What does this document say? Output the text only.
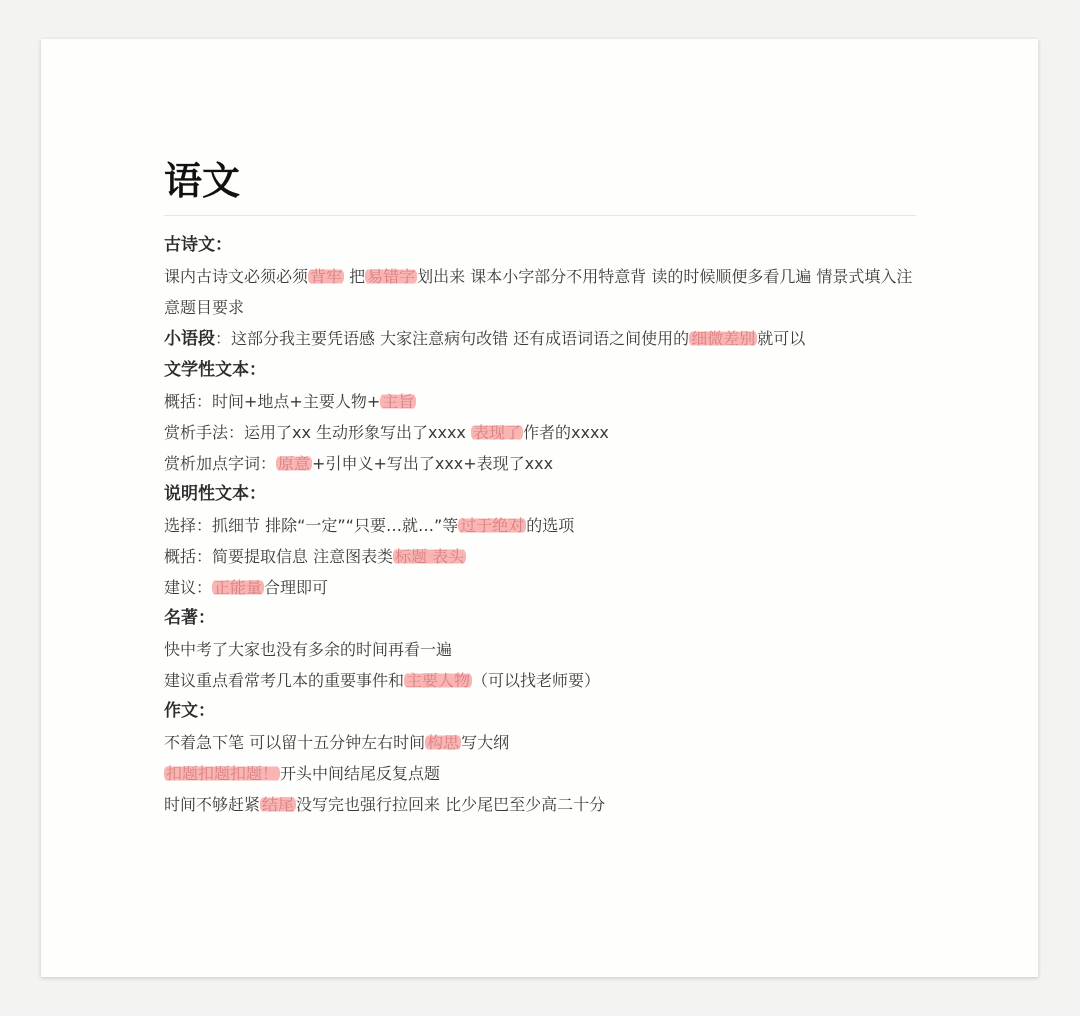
语文
古诗文：
课内古诗文必须必须 背牢 把 易错字 划出来 课本小字部分不用特意背 读的时候顺便多看几遍 情景式填入注意题目要求
小语段：这部分我主要凭语感 大家注意病句改错 还有成语词语之间使用的 细微差别 就可以
文学性文本：
概括：时间+地点+主要人物+ 主旨
赏析手法：运用了xx 生动形象写出了xxxx 表现了 作者的xxxx
赏析加点字词： 原意 +引申义+写出了xxx+表现了xxx
说明性文本：
选择：抓细节 排除“一定”“只要…就…”等 过于绝对 的选项
概括：简要提取信息 注意图表类 标题 表头
建议： 正能量 合理即可
名著：
快中考了大家也没有多余的时间再看一遍
建议重点看常考几本的重要事件和 主要人物 （可以找老师要）
作文：
不着急下笔 可以留十五分钟左右时间 构思 写大纲
扣题扣题扣题！ 开头中间结尾反复点题
时间不够赶紧 结尾 没写完也强行拉回来 比少尾巴至少高二十分
